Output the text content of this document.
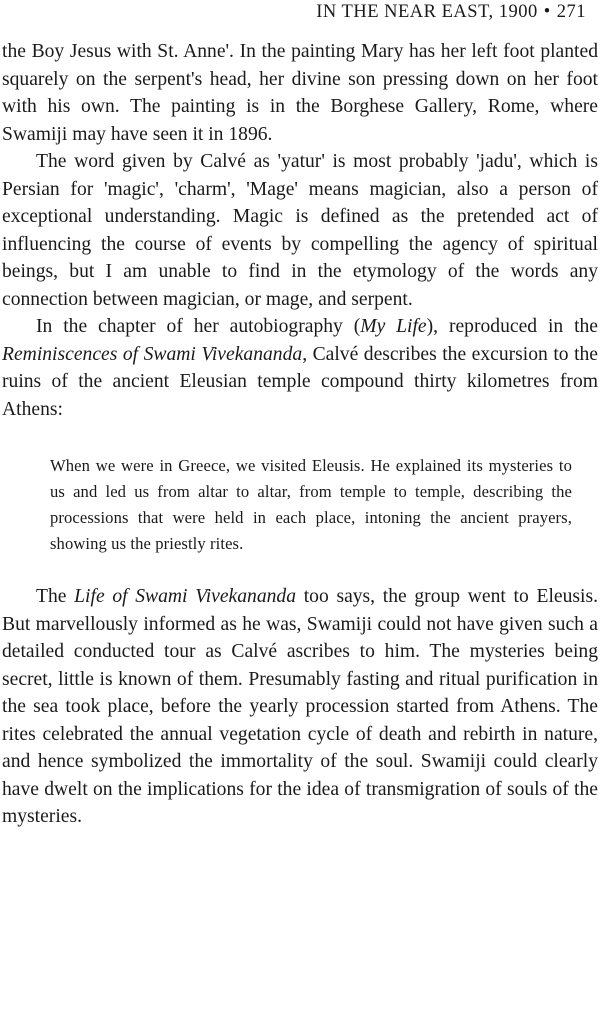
IN THE NEAR EAST, 1900 • 271

the Boy Jesus with St. Anne'. In the painting Mary has her left foot planted squarely on the serpent's head, her divine son pressing down on her foot with his own. The painting is in the Borghese Gallery, Rome, where Swamiji may have seen it in 1896.

The word given by Calvé as 'yatur' is most probably 'jadu', which is Persian for 'magic', 'charm', 'Mage' means magician, also a person of exceptional understanding. Magic is defined as the pretended act of influencing the course of events by compelling the agency of spiritual beings, but I am unable to find in the etymology of the words any connection between magician, or mage, and serpent.

In the chapter of her autobiography (My Life), reproduced in the Reminiscences of Swami Vivekananda, Calvé describes the excursion to the ruins of the ancient Eleusian temple compound thirty kilometres from Athens:

When we were in Greece, we visited Eleusis. He explained its mysteries to us and led us from altar to altar, from temple to temple, describing the processions that were held in each place, intoning the ancient prayers, showing us the priestly rites.

The Life of Swami Vivekananda too says, the group went to Eleusis. But marvellously informed as he was, Swamiji could not have given such a detailed conducted tour as Calvé ascribes to him. The mysteries being secret, little is known of them. Presumably fasting and ritual purification in the sea took place, before the yearly procession started from Athens. The rites celebrated the annual vegetation cycle of death and rebirth in nature, and hence symbolized the immortality of the soul. Swamiji could clearly have dwelt on the implications for the idea of transmigration of souls of the mysteries.
